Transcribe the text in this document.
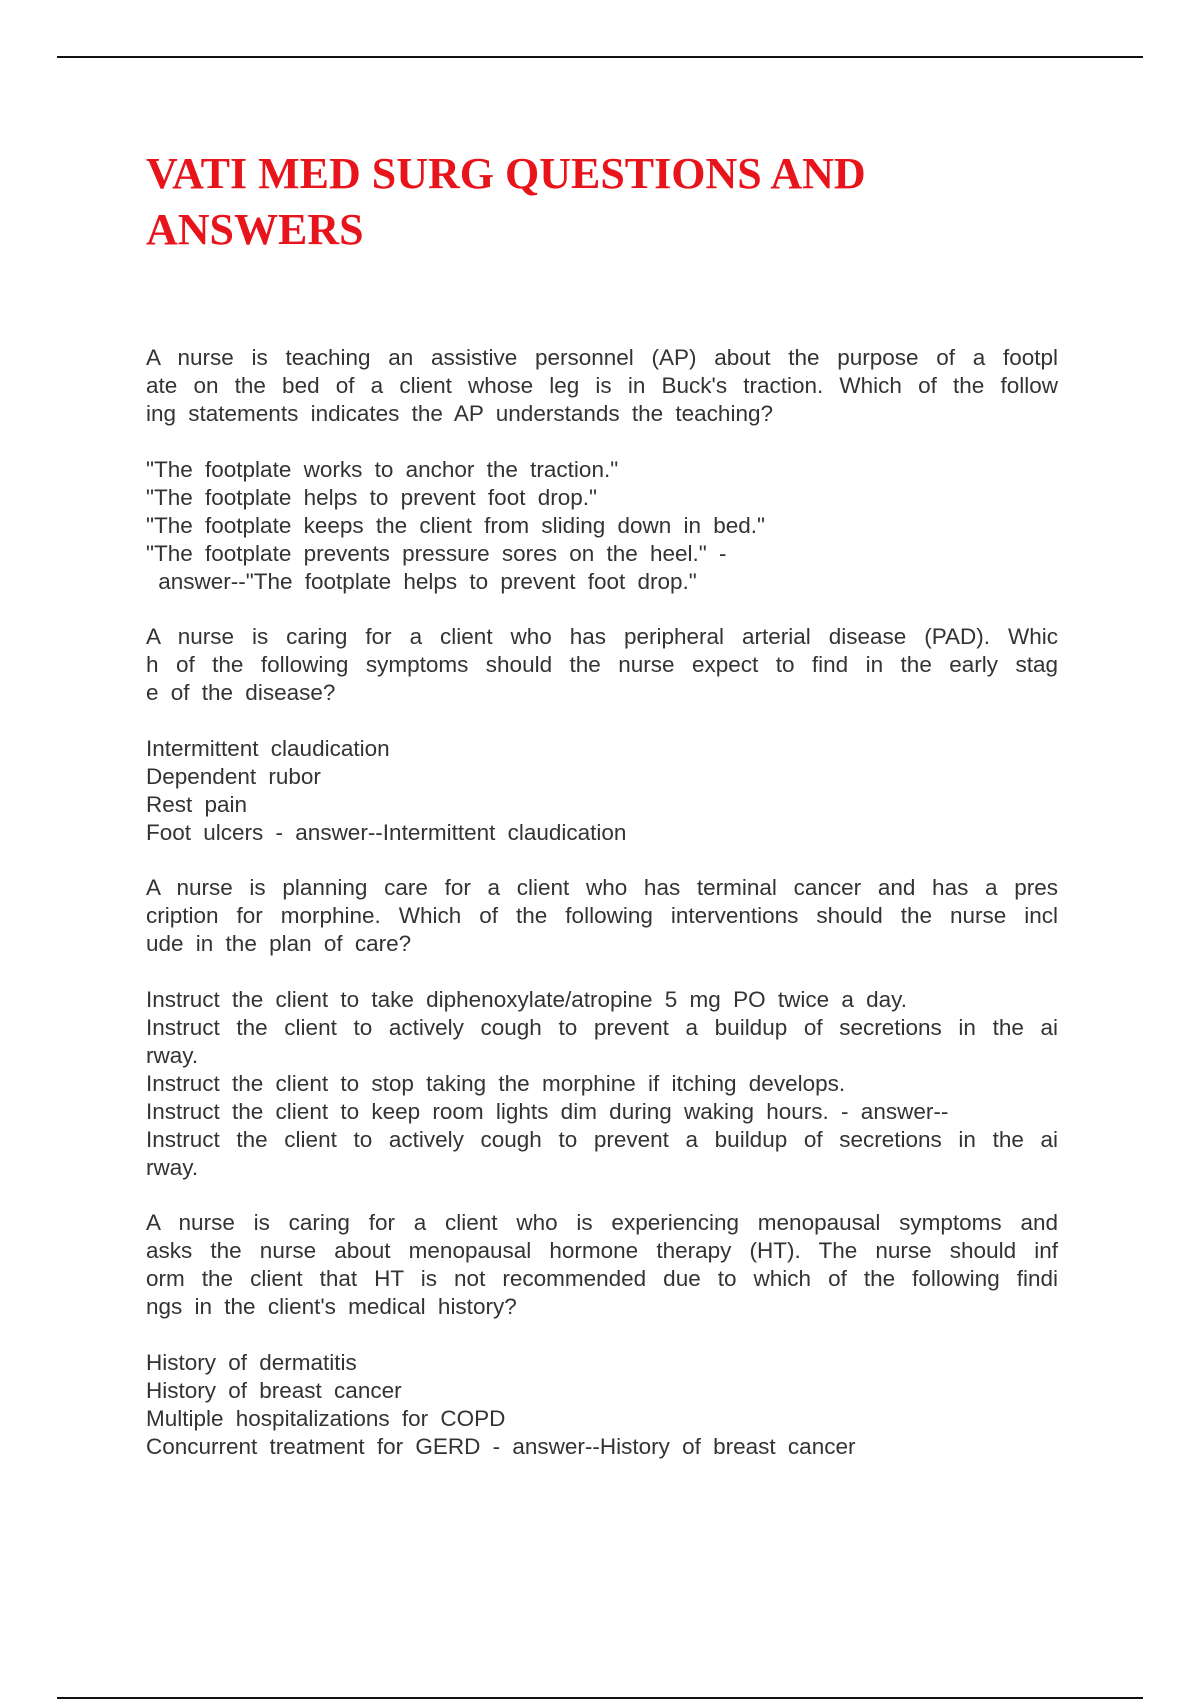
VATI MED SURG QUESTIONS AND
ANSWERS
A nurse is teaching an assistive personnel (AP) about the purpose of a footpl
ate on the bed of a client whose leg is in Buck's traction. Which of the follow
ing statements indicates the AP understands the teaching?
"The footplate works to anchor the traction."
"The footplate helps to prevent foot drop."
"The footplate keeps the client from sliding down in bed."
"The footplate prevents pressure sores on the heel." -
answer--"The footplate helps to prevent foot drop."
A nurse is caring for a client who has peripheral arterial disease (PAD). Whic
h of the following symptoms should the nurse expect to find in the early stag
e of the disease?
Intermittent claudication
Dependent rubor
Rest pain
Foot ulcers - answer--Intermittent claudication
A nurse is planning care for a client who has terminal cancer and has a pres
cription for morphine. Which of the following interventions should the nurse incl
ude in the plan of care?
Instruct the client to take diphenoxylate/atropine 5 mg PO twice a day.
Instruct the client to actively cough to prevent a buildup of secretions in the ai
rway.
Instruct the client to stop taking the morphine if itching develops.
Instruct the client to keep room lights dim during waking hours. - answer--
Instruct the client to actively cough to prevent a buildup of secretions in the ai
rway.
A nurse is caring for a client who is experiencing menopausal symptoms and
asks the nurse about menopausal hormone therapy (HT). The nurse should inf
orm the client that HT is not recommended due to which of the following findi
ngs in the client's medical history?
History of dermatitis
History of breast cancer
Multiple hospitalizations for COPD
Concurrent treatment for GERD - answer--History of breast cancer
